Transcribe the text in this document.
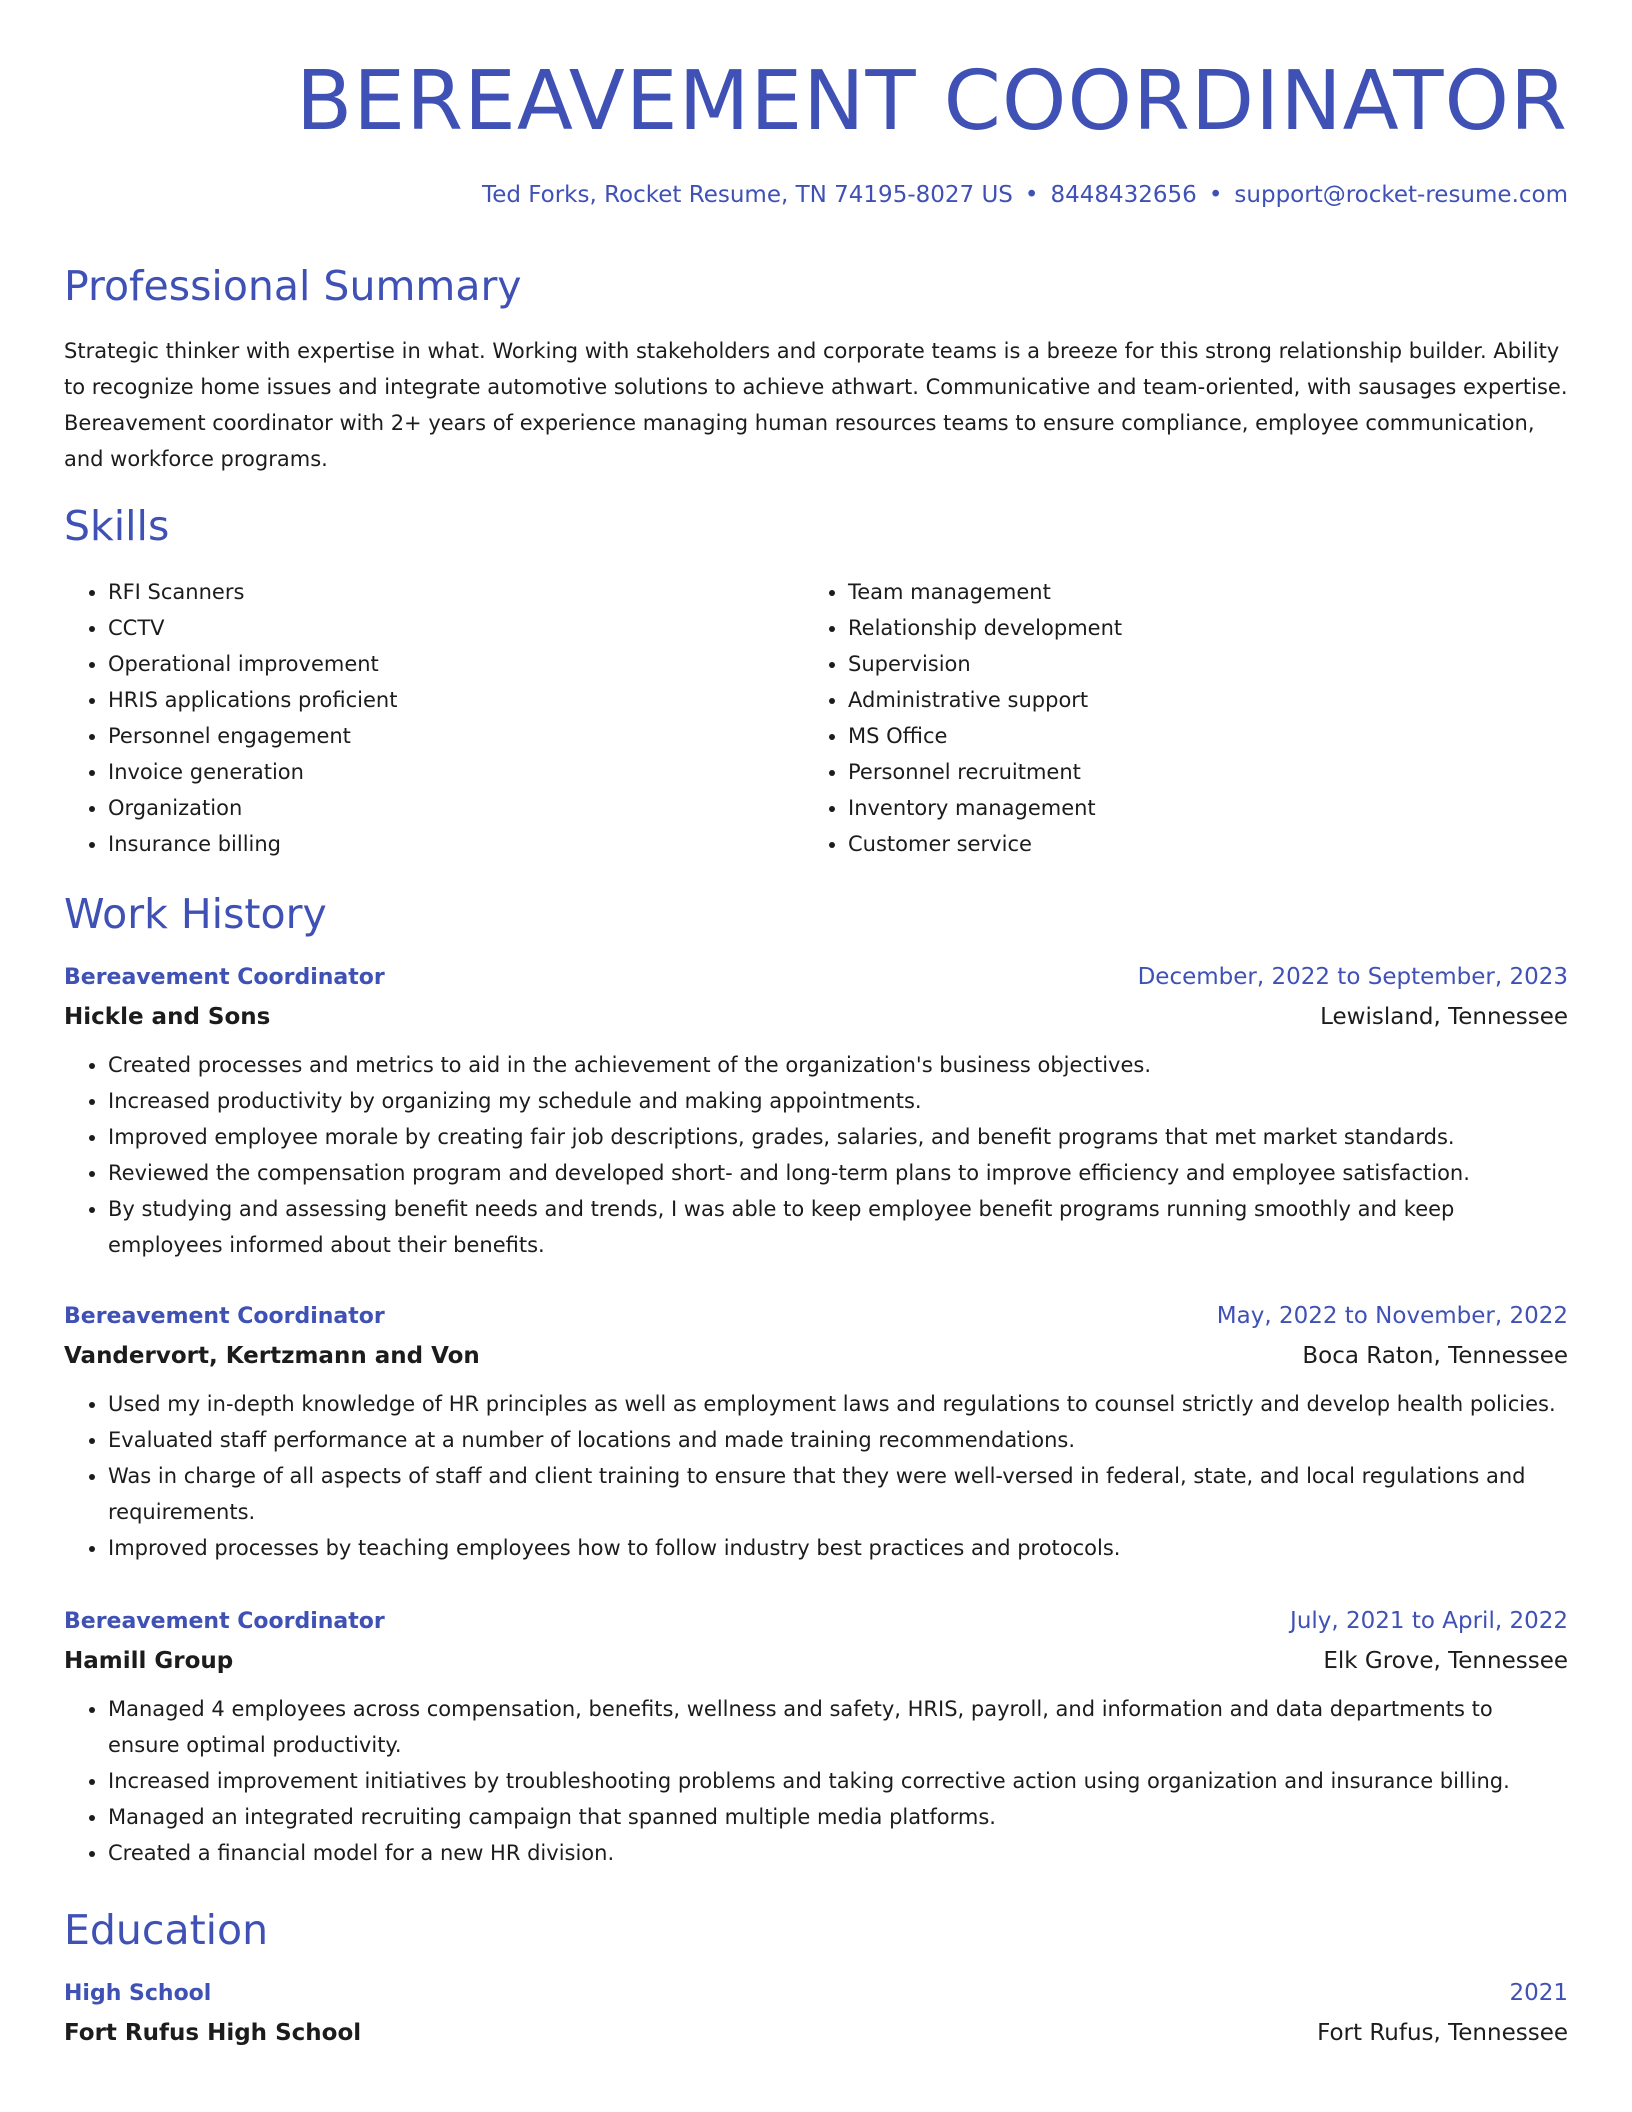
BEREAVEMENT COORDINATOR
Ted Forks, Rocket Resume, TN 74195-8027 US • 8448432656 • support@rocket-resume.com
Professional Summary

Strategic thinker with expertise in what. Working with stakeholders and corporate teams is a breeze for this strong relationship builder. Ability to recognize home issues and integrate automotive solutions to achieve athwart. Communicative and team-oriented, with sausages expertise. Bereavement coordinator with 2+ years of experience managing human resources teams to ensure compliance, employee communication, and workforce programs.

Skills
• RFI Scanners
• CCTV
• Operational improvement
• HRIS applications proficient
• Personnel engagement
• Invoice generation
• Organization
• Insurance billing
• Team management
• Relationship development
• Supervision
• Administrative support
• MS Office
• Personnel recruitment
• Inventory management
• Customer service
Work History
Bereavement Coordinator	December, 2022 to September, 2023
Hickle and Sons	Lewisland, Tennessee
• Created processes and metrics to aid in the achievement of the organization's business objectives.
• Increased productivity by organizing my schedule and making appointments.
• Improved employee morale by creating fair job descriptions, grades, salaries, and benefit programs that met market standards.
• Reviewed the compensation program and developed short- and long-term plans to improve efficiency and employee satisfaction.
• By studying and assessing benefit needs and trends, I was able to keep employee benefit programs running smoothly and keep employees informed about their benefits.
Bereavement Coordinator	May, 2022 to November, 2022
Vandervort, Kertzmann and Von	Boca Raton, Tennessee
• Used my in-depth knowledge of HR principles as well as employment laws and regulations to counsel strictly and develop health policies.
• Evaluated staff performance at a number of locations and made training recommendations.
• Was in charge of all aspects of staff and client training to ensure that they were well-versed in federal, state, and local regulations and requirements.
• Improved processes by teaching employees how to follow industry best practices and protocols.
Bereavement Coordinator	July, 2021 to April, 2022
Hamill Group	Elk Grove, Tennessee
• Managed 4 employees across compensation, benefits, wellness and safety, HRIS, payroll, and information and data departments to ensure optimal productivity.
• Increased improvement initiatives by troubleshooting problems and taking corrective action using organization and insurance billing.
• Managed an integrated recruiting campaign that spanned multiple media platforms.
• Created a financial model for a new HR division.
Education
High School	2021
Fort Rufus High School	Fort Rufus, Tennessee
